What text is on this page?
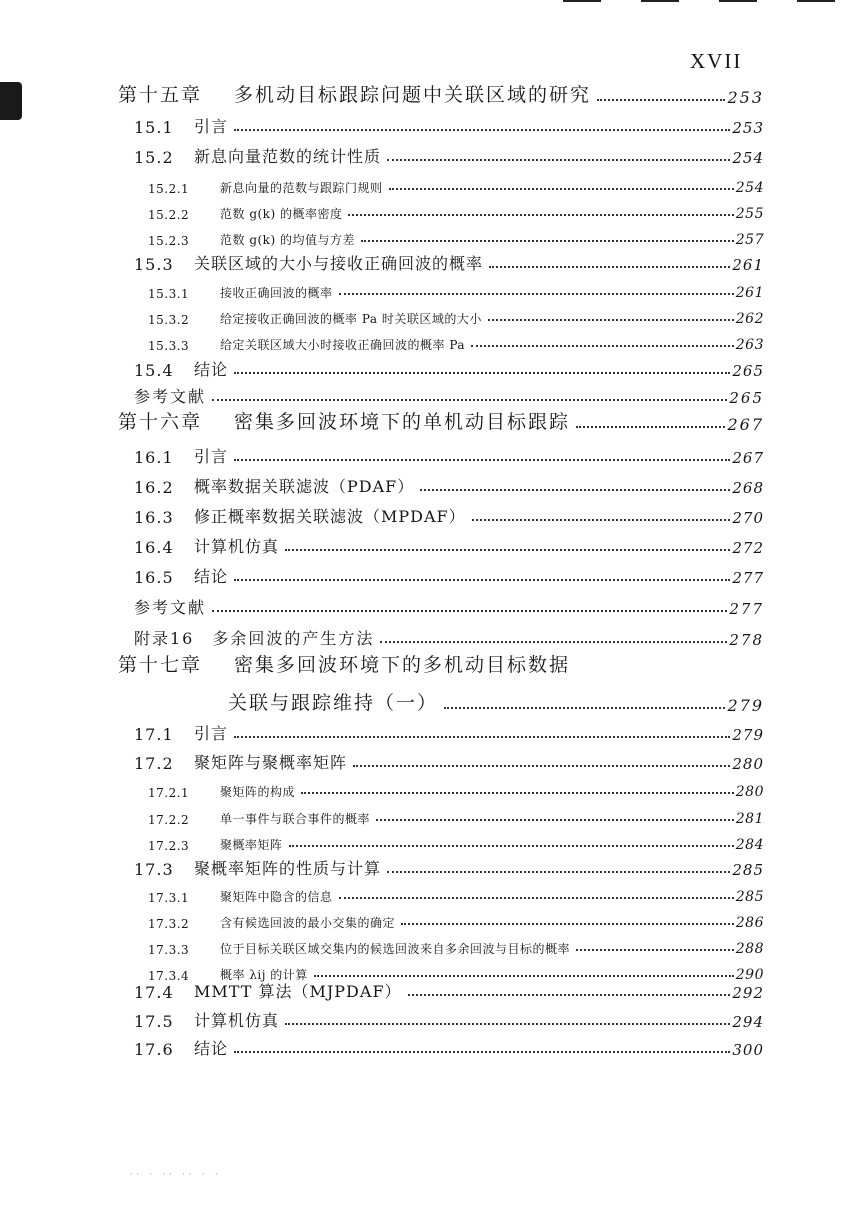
XVII
·· · ·· ·· · ·
第十五章	多机动目标跟踪问题中关联区域的研究	253
15.1	引言	253
15.2	新息向量范数的统计性质	254
15.2.1	新息向量的范数与跟踪门规则	254
15.2.2	范数 g(k) 的概率密度	255
15.2.3	范数 g(k) 的均值与方差	257
15.3	关联区域的大小与接收正确回波的概率	261
15.3.1	接收正确回波的概率	261
15.3.2	给定接收正确回波的概率 Pa 时关联区域的大小	262
15.3.3	给定关联区域大小时接收正确回波的概率 Pa	263
15.4	结论	265
参考文献	265
第十六章	密集多回波环境下的单机动目标跟踪	267
16.1	引言	267
16.2	概率数据关联滤波（PDAF）	268
16.3	修正概率数据关联滤波（MPDAF）	270
16.4	计算机仿真	272
16.5	结论	277
参考文献	277
附录16　多余回波的产生方法	278
第十七章	密集多回波环境下的多机动目标数据
关联与跟踪维持（一）	279
17.1	引言	279
17.2	聚矩阵与聚概率矩阵	280
17.2.1	聚矩阵的构成	280
17.2.2	单一事件与联合事件的概率	281
17.2.3	聚概率矩阵	284
17.3	聚概率矩阵的性质与计算	285
17.3.1	聚矩阵中隐含的信息	285
17.3.2	含有候选回波的最小交集的确定	286
17.3.3	位于目标关联区域交集内的候选回波来自多余回波与目标的概率	288
17.3.4	概率 λij 的计算	290
17.4	MMTT 算法（MJPDAF）	292
17.5	计算机仿真	294
17.6	结论	300
